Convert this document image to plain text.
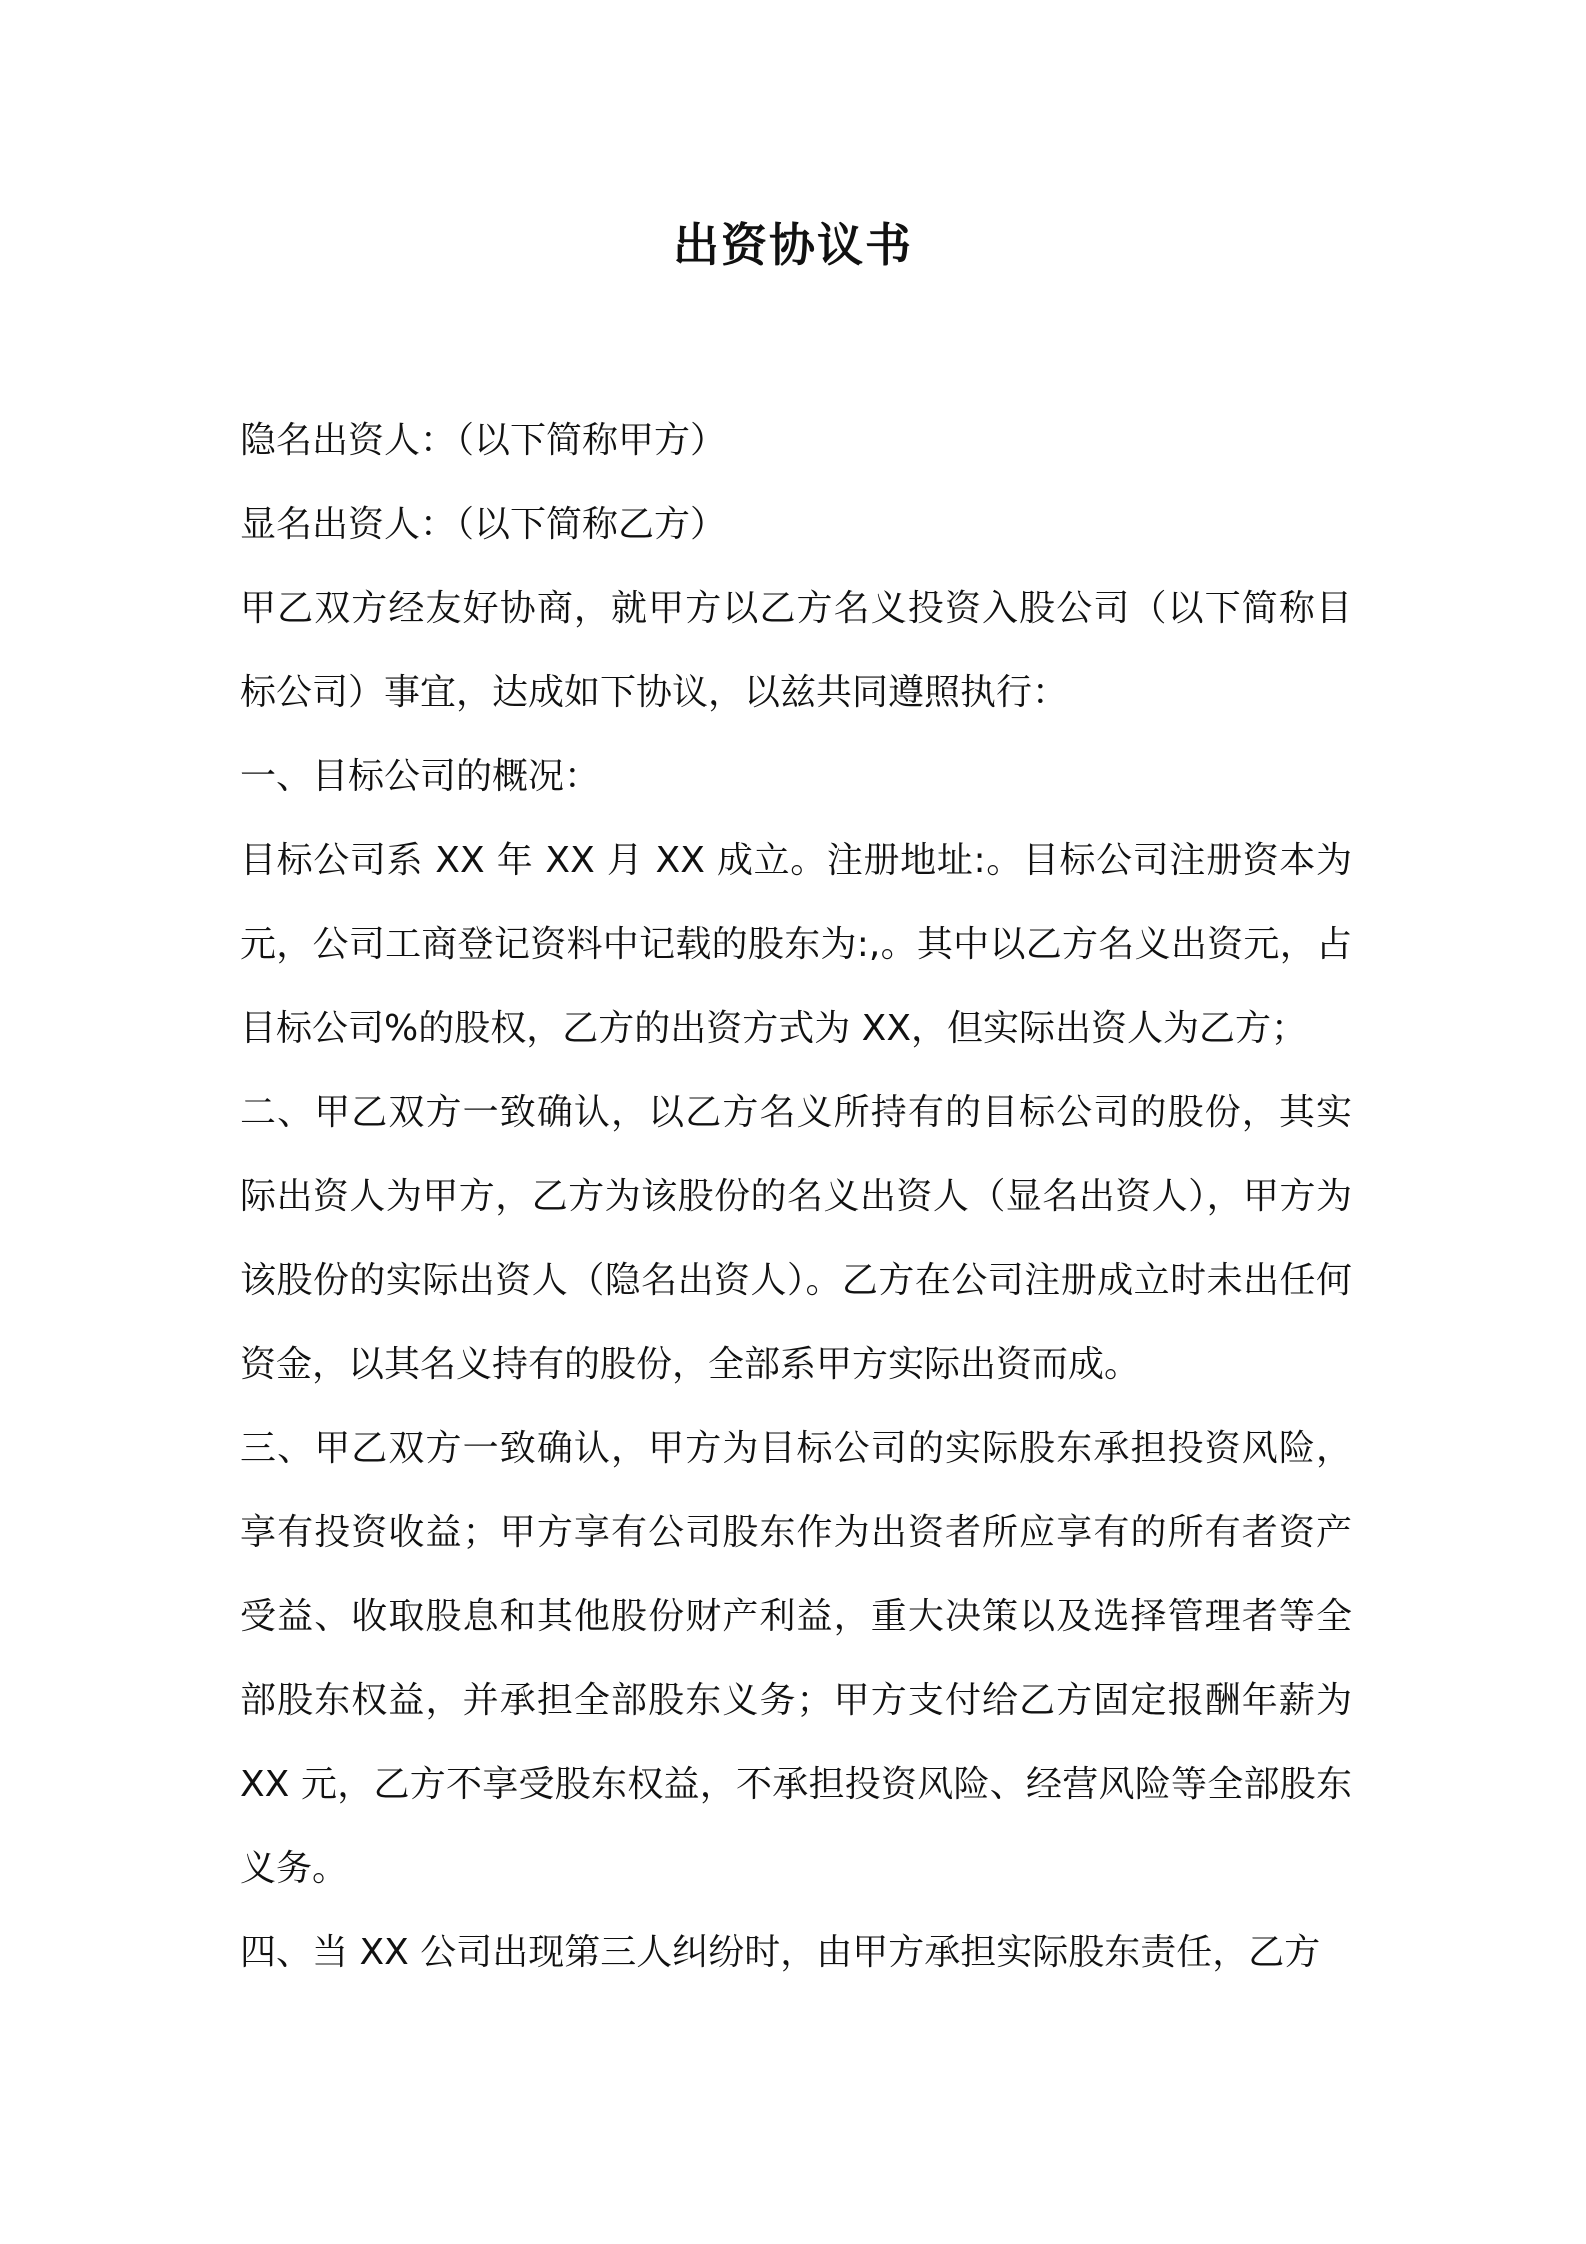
出资协议书

隐名出资人：（以下简称甲方）

显名出资人：（以下简称乙方）

甲乙双方经友好协商，就甲方以乙方名义投资入股公司（以下简称目标公司）事宜，达成如下协议，以兹共同遵照执行：

一、目标公司的概况：

目标公司系 XX 年 XX 月 XX 成立。注册地址:。目标公司注册资本为元，公司工商登记资料中记载的股东为:,。其中以乙方名义出资元，占目标公司%的股权，乙方的出资方式为 XX，但实际出资人为乙方；

二、甲乙双方一致确认，以乙方名义所持有的目标公司的股份，其实际出资人为甲方，乙方为该股份的名义出资人（显名出资人），甲方为该股份的实际出资人（隐名出资人）。乙方在公司注册成立时未出任何资金，以其名义持有的股份，全部系甲方实际出资而成。

三、甲乙双方一致确认，甲方为目标公司的实际股东承担投资风险，享有投资收益；甲方享有公司股东作为出资者所应享有的所有者资产受益、收取股息和其他股份财产利益，重大决策以及选择管理者等全部股东权益，并承担全部股东义务；甲方支付给乙方固定报酬年薪为 XX 元，乙方不享受股东权益，不承担投资风险、经营风险等全部股东义务。

四、当 XX 公司出现第三人纠纷时，由甲方承担实际股东责任，乙方
